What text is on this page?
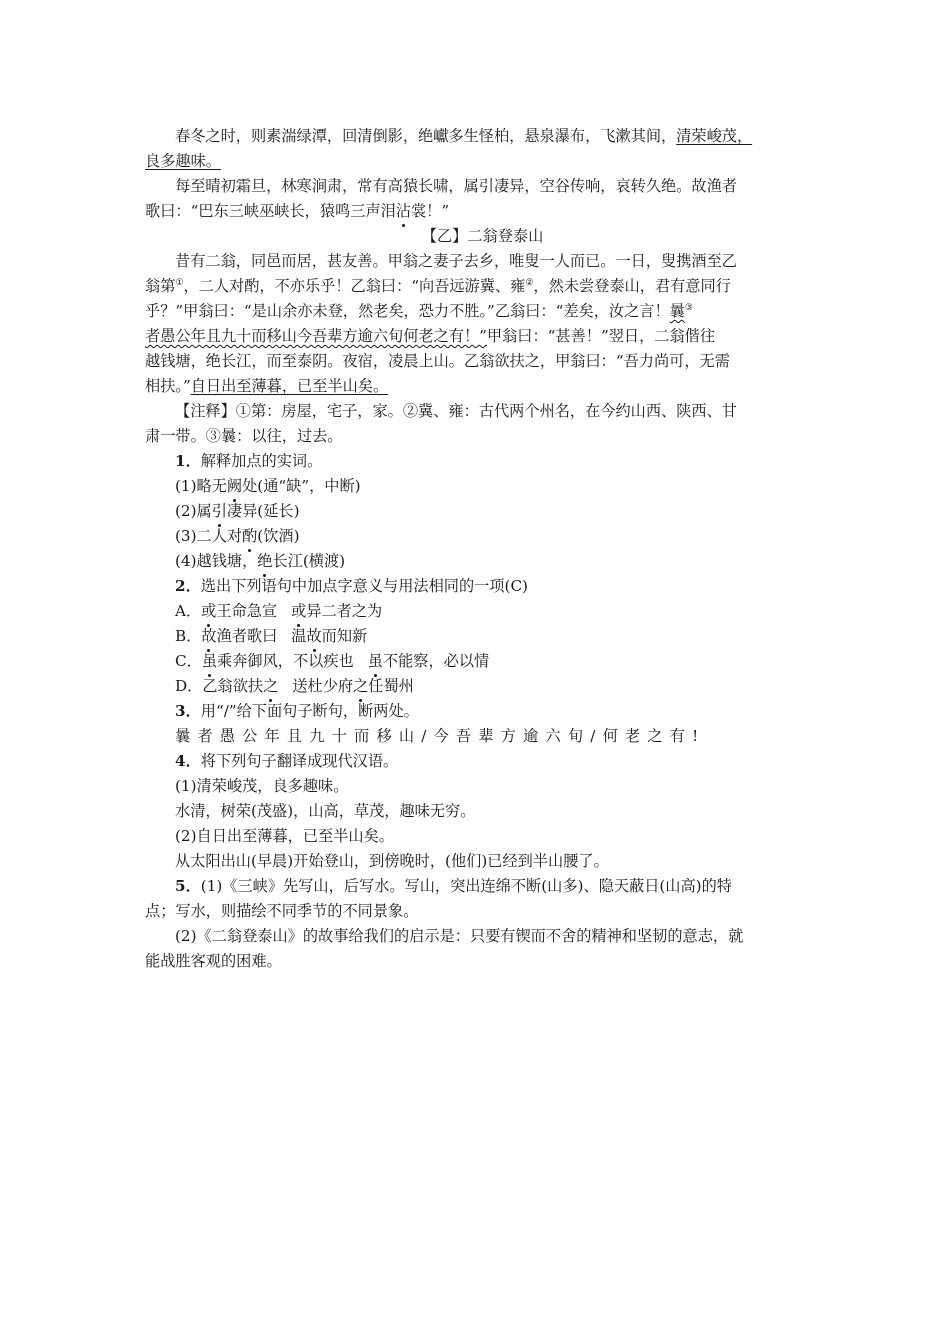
春冬之时，则素湍绿潭，回清倒影，绝巘多生怪柏，悬泉瀑布，飞漱其间，清荣峻茂，
良多趣味。
每至晴初霜旦，林寒涧肃，常有高猿长啸，属引凄异，空谷传响，哀转久绝。故渔者
歌曰：“巴东三峡巫峡长，猿鸣三声泪沾裳！”
【乙】二翁登泰山
昔有二翁，同邑而居，甚友善。甲翁之妻子去乡，唯叟一人而已。一日，叟携酒至乙
翁第①，二人对酌，不亦乐乎！乙翁曰：“向吾远游冀、雍②，然未尝登泰山，君有意同行
乎？”甲翁曰：“是山余亦未登，然老矣，恐力不胜。”乙翁曰：“差矣，汝之言！曩③
者愚公年且九十而移山今吾辈方逾六旬何老之有！”甲翁曰：“甚善！”翌日，二翁偕往
越钱塘，绝长江，而至泰阴。夜宿，凌晨上山。乙翁欲扶之，甲翁曰：“吾力尚可，无需
相扶。”自日出至薄暮，已至半山矣。
【注释】①第：房屋，宅子，家。②冀、雍：古代两个州名，在今约山西、陕西、甘
肃一带。③曩：以往，过去。
1．解释加点的实词。
(1)略无阙处(通“缺”，中断)
(2)属引凄异(延长)
(3)二人对酌(饮酒)
(4)越钱塘，绝长江(横渡)
2．选出下列语句中加点字意义与用法相同的一项(C)
A．或王命急宣 或异二者之为
B．故渔者歌曰 温故而知新
C．虽乘奔御风，不以疾也 虽不能察，必以情
D．乙翁欲扶之 送杜少府之任蜀州
3．用“/”给下面句子断句，断两处。
曩者愚公年且九十而移山/今吾辈方逾六旬/何老之有!
4．将下列句子翻译成现代汉语。
(1)清荣峻茂，良多趣味。
水清，树荣(茂盛)，山高，草茂，趣味无穷。
(2)自日出至薄暮，已至半山矣。
从太阳出山(早晨)开始登山，到傍晚时，(他们)已经到半山腰了。
5．(1)《三峡》先写山，后写水。写山，突出连绵不断(山多)、隐天蔽日(山高)的特
点；写水，则描绘不同季节的不同景象。
(2)《二翁登泰山》的故事给我们的启示是：只要有锲而不舍的精神和坚韧的意志，就
能战胜客观的困难。
